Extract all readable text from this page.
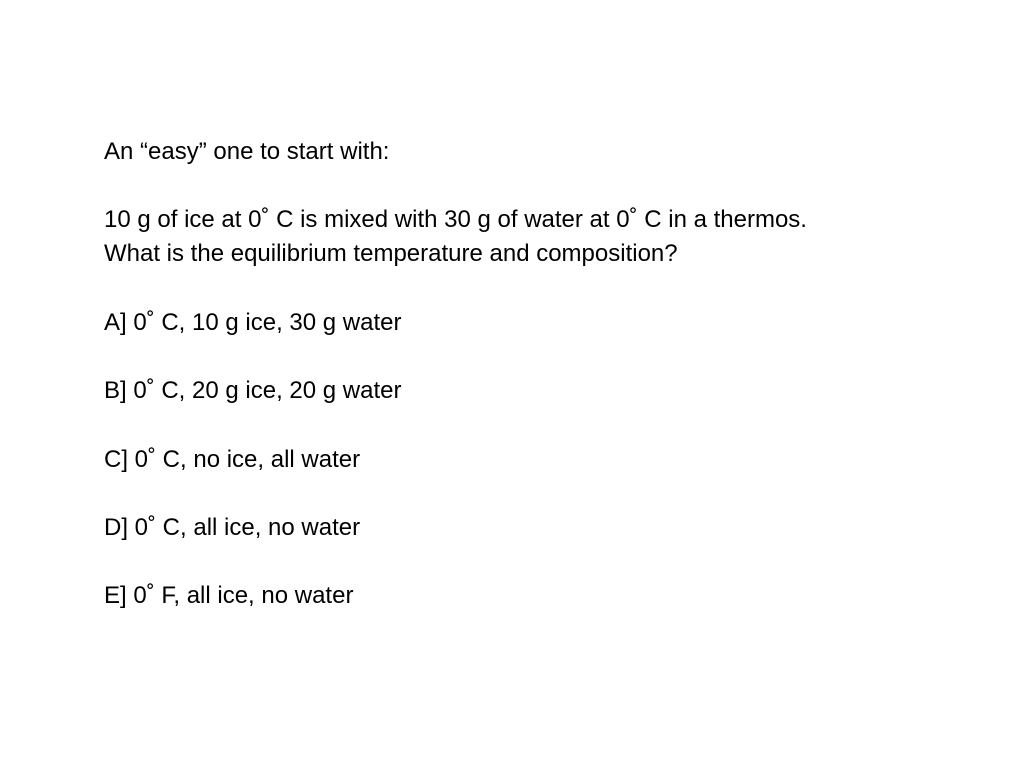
An “easy” one to start with:
10 g of ice at 0˚ C is mixed with 30 g of water at 0˚ C in a thermos.
What is the equilibrium temperature and composition?
A] 0˚ C, 10 g ice, 30 g water
B] 0˚ C, 20 g ice, 20 g water
C] 0˚ C, no ice, all water
D] 0˚ C, all ice, no water
E] 0˚ F, all ice, no water
